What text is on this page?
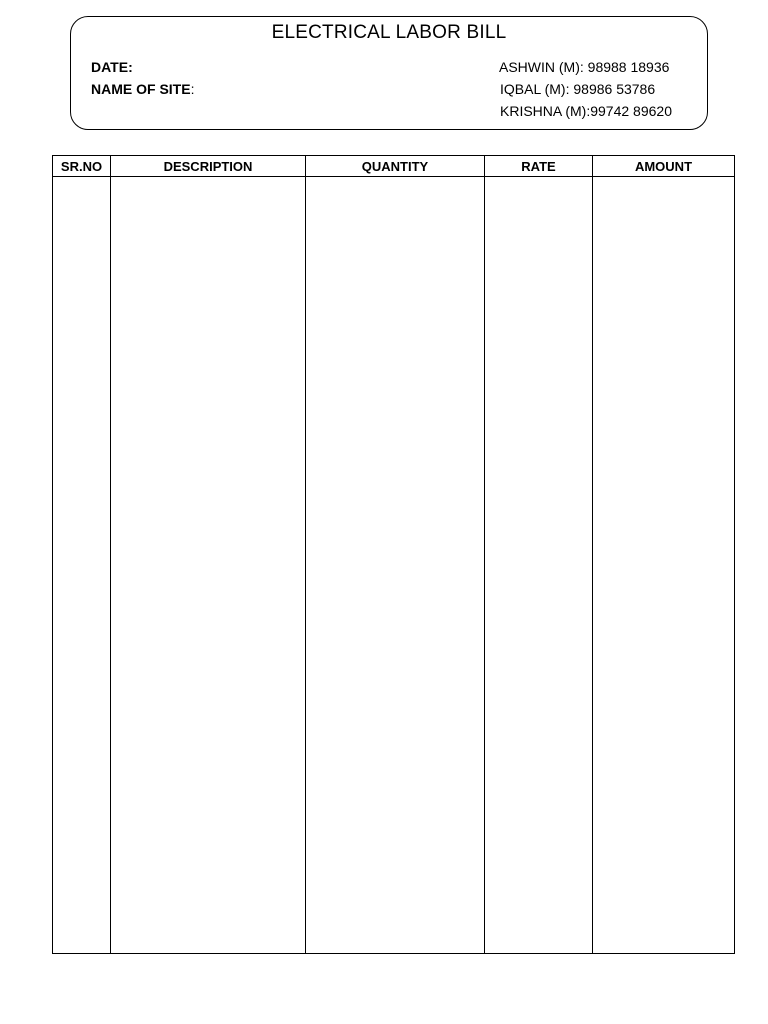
ELECTRICAL LABOR BILL
DATE:
NAME OF SITE:
ASHWIN (M): 98988 18936
IQBAL (M): 98986 53786
KRISHNA (M):99742 89620
SR.NO	DESCRIPTION	QUANTITY	RATE	AMOUNT
